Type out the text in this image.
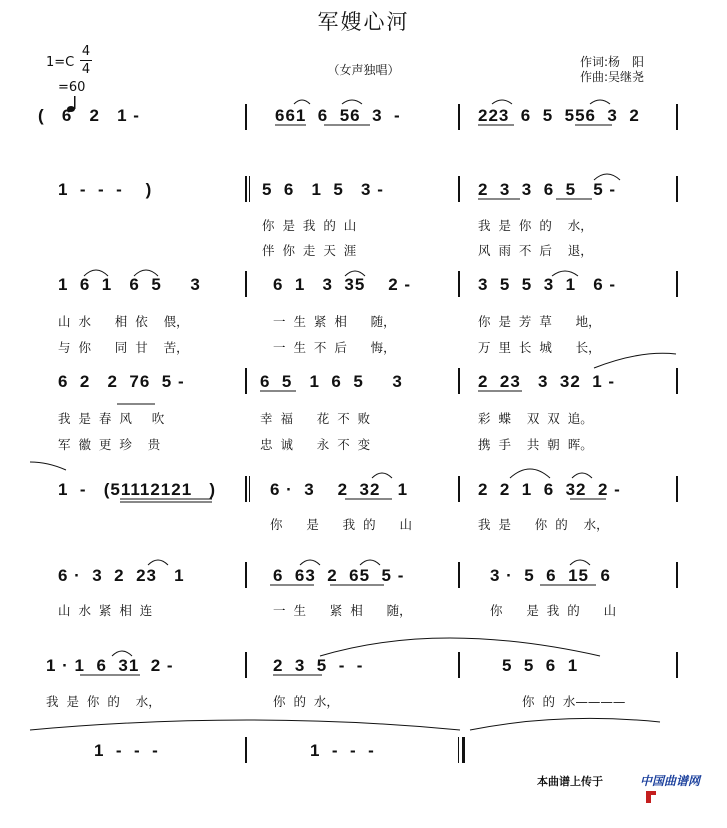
军嫂心河
1=C
4
4

=60
（女声独唱）
作词:杨　阳
作曲:吴继尧
(   6   2   1 -	661  6  56  3  -	223  6  5  556  3  2
1  -  -  -    )	5  6   1  5   3 -	2  3  3  6  5   5 -
你  是  我  的  山	我  是  你  的    水，
伴  你  走  天  涯	风  雨  不  后    退，
1  6  1   6  5     3	6  1   3  35    2 -	3  5  5  3  1   6 -
山  水      相  依    偎，	一  生  紧  相      随，	你  是  芳  草      地，
与  你      同  甘    苦，	一  生  不  后      悔，	万  里  长  城      长，
6  2   2  76  5 -	6  5   1  6  5     3	2  23   3  32  1 -
我  是  春  风     吹	幸  福      花  不  败	彩  蝶    双  双  追。
军  徽  更  珍    贵	忠  诚      永  不  变	携  手    共  朝  晖。
1  -   (51112121   )	6 ·  3    2  32   1	2  2  1  6  32  2 -
你      是      我  的      山	我  是      你  的    水，
6 ·  3  2  23   1	6  63  2  65  5 -	3 ·  5  6  15  6
山  水  紧  相  连	一  生      紧  相      随，	你      是  我  的      山
1 · 1  6  31  2 -	2  3  5  -  -	5  5  6  1
我  是  你  的    水，	你  的  水，	你  的  水————
1  -  -  -	1  -  -  -
本曲谱上传于

	中国曲谱网
